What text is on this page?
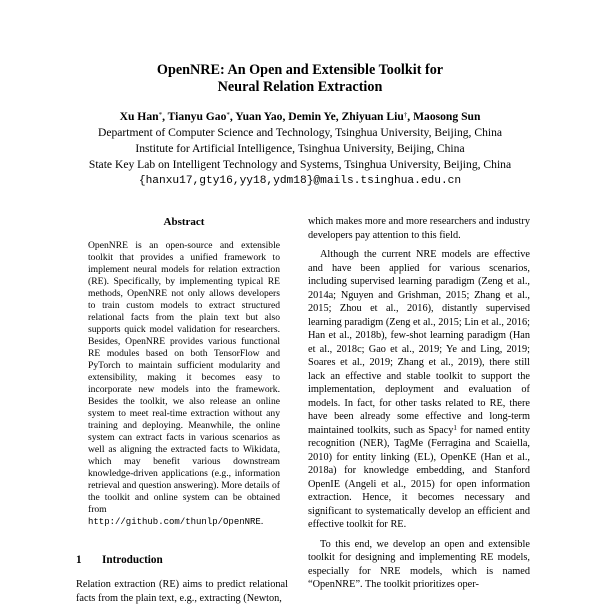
OpenNRE: An Open and Extensible Toolkit for
Neural Relation Extraction
Xu Han*, Tianyu Gao*, Yuan Yao, Demin Ye, Zhiyuan Liu†, Maosong Sun
Department of Computer Science and Technology, Tsinghua University, Beijing, China
Institute for Artificial Intelligence, Tsinghua University, Beijing, China
State Key Lab on Intelligent Technology and Systems, Tsinghua University, Beijing, China
{hanxu17,gty16,yy18,ydm18}@mails.tsinghua.edu.cn
Abstract
OpenNRE is an open-source and extensible toolkit that provides a unified framework to implement neural models for relation extraction (RE). Specifically, by implementing typical RE methods, OpenNRE not only allows developers to train custom models to extract structured relational facts from the plain text but also supports quick model validation for researchers. Besides, OpenNRE provides various functional RE modules based on both TensorFlow and PyTorch to maintain sufficient modularity and extensibility, making it becomes easy to incorporate new models into the framework. Besides the toolkit, we also release an online system to meet real-time extraction without any training and deploying. Meanwhile, the online system can extract facts in various scenarios as well as aligning the extracted facts to Wikidata, which may benefit various downstream knowledge-driven applications (e.g., information retrieval and question answering). More details of the toolkit and online system can be obtained from http://github.com/thunlp/OpenNRE.
1 Introduction
Relation extraction (RE) aims to predict relational facts from the plain text, e.g., extracting (Newton,

which makes more and more researchers and industry developers pay attention to this field.

Although the current NRE models are effective and have been applied for various scenarios, including supervised learning paradigm (Zeng et al., 2014a; Nguyen and Grishman, 2015; Zhang et al., 2015; Zhou et al., 2016), distantly supervised learning paradigm (Zeng et al., 2015; Lin et al., 2016; Han et al., 2018b), few-shot learning paradigm (Han et al., 2018c; Gao et al., 2019; Ye and Ling, 2019; Soares et al., 2019; Zhang et al., 2019), there still lack an effective and stable toolkit to support the implementation, deployment and evaluation of models. In fact, for other tasks related to RE, there have been already some effective and long-term maintained toolkits, such as Spacy$^1$ for named entity recognition (NER), TagMe (Ferragina and Scaiella, 2010) for entity linking (EL), OpenKE (Han et al., 2018a) for knowledge embedding, and Stanford OpenIE (Angeli et al., 2015) for open information extraction. Hence, it becomes necessary and significant to systematically develop an efficient and effective toolkit for RE.

To this end, we develop an open and extensible toolkit for designing and implementing RE models, especially for NRE models, which is named “OpenNRE”. The toolkit prioritizes oper-
